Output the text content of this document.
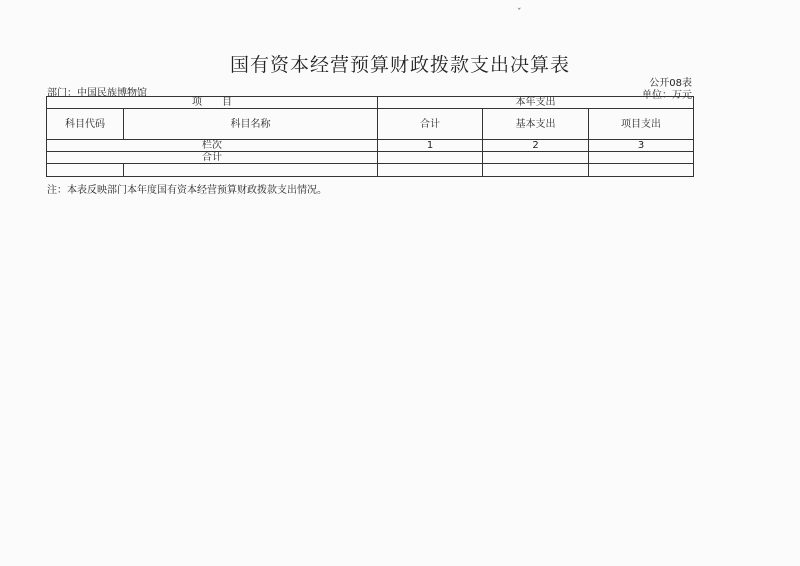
ˇ
国有资本经营预算财政拨款支出决算表
公开08表
部门：中国民族博物馆	单位：万元
项　　目		本年支出		
科目代码	科目名称	合计	基本支出	项目支出
栏次		1	2	3
合计				

注：本表反映部门本年度国有资本经营预算财政拨款支出情况。
